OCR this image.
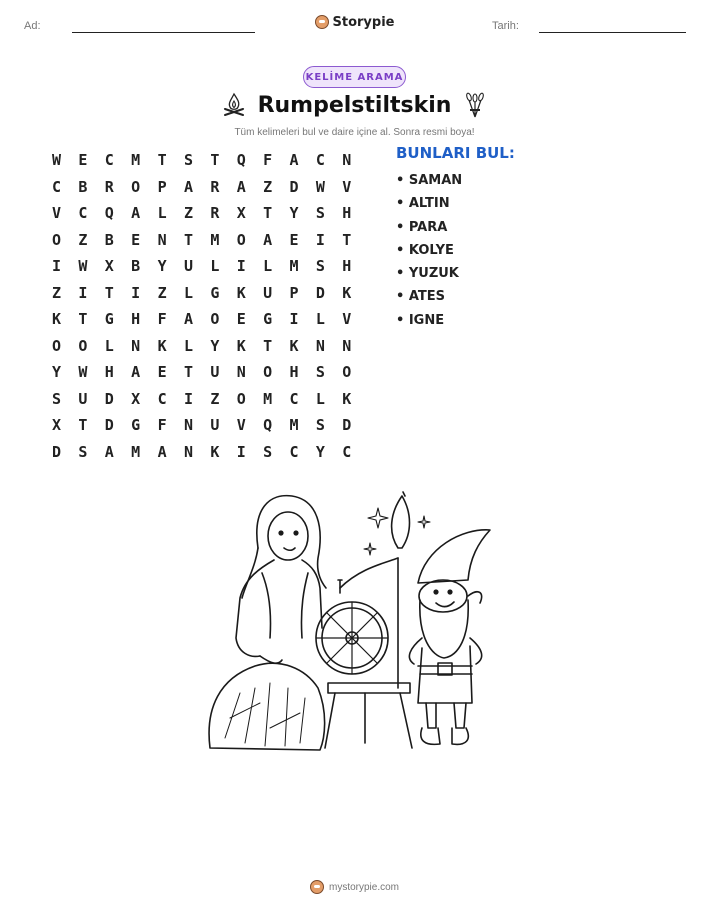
Ad:	Storypie	Tarih:
KELİME ARAMA
Rumpelstiltskin
Tüm kelimeleri bul ve daire içine al. Sonra resmi boya!
W	E	C	M	T	S	T	Q	F	A	C	N
C	B	R	O	P	A	R	A	Z	D	W	V
V	C	Q	A	L	Z	R	X	T	Y	S	H
O	Z	B	E	N	T	M	O	A	E	I	T
I	W	X	B	Y	U	L	I	L	M	S	H
Z	I	T	I	Z	L	G	K	U	P	D	K
K	T	G	H	F	A	O	E	G	I	L	V
O	O	L	N	K	L	Y	K	T	K	N	N
Y	W	H	A	E	T	U	N	O	H	S	O
S	U	D	X	C	I	Z	O	M	C	L	K
X	T	D	G	F	N	U	V	Q	M	S	D
D	S	A	M	A	N	K	I	S	C	Y	C
BUNLARI BUL:
• SAMAN
• ALTIN
• PARA
• KOLYE
• YUZUK
• ATES
• IGNE
mystorypie.com
